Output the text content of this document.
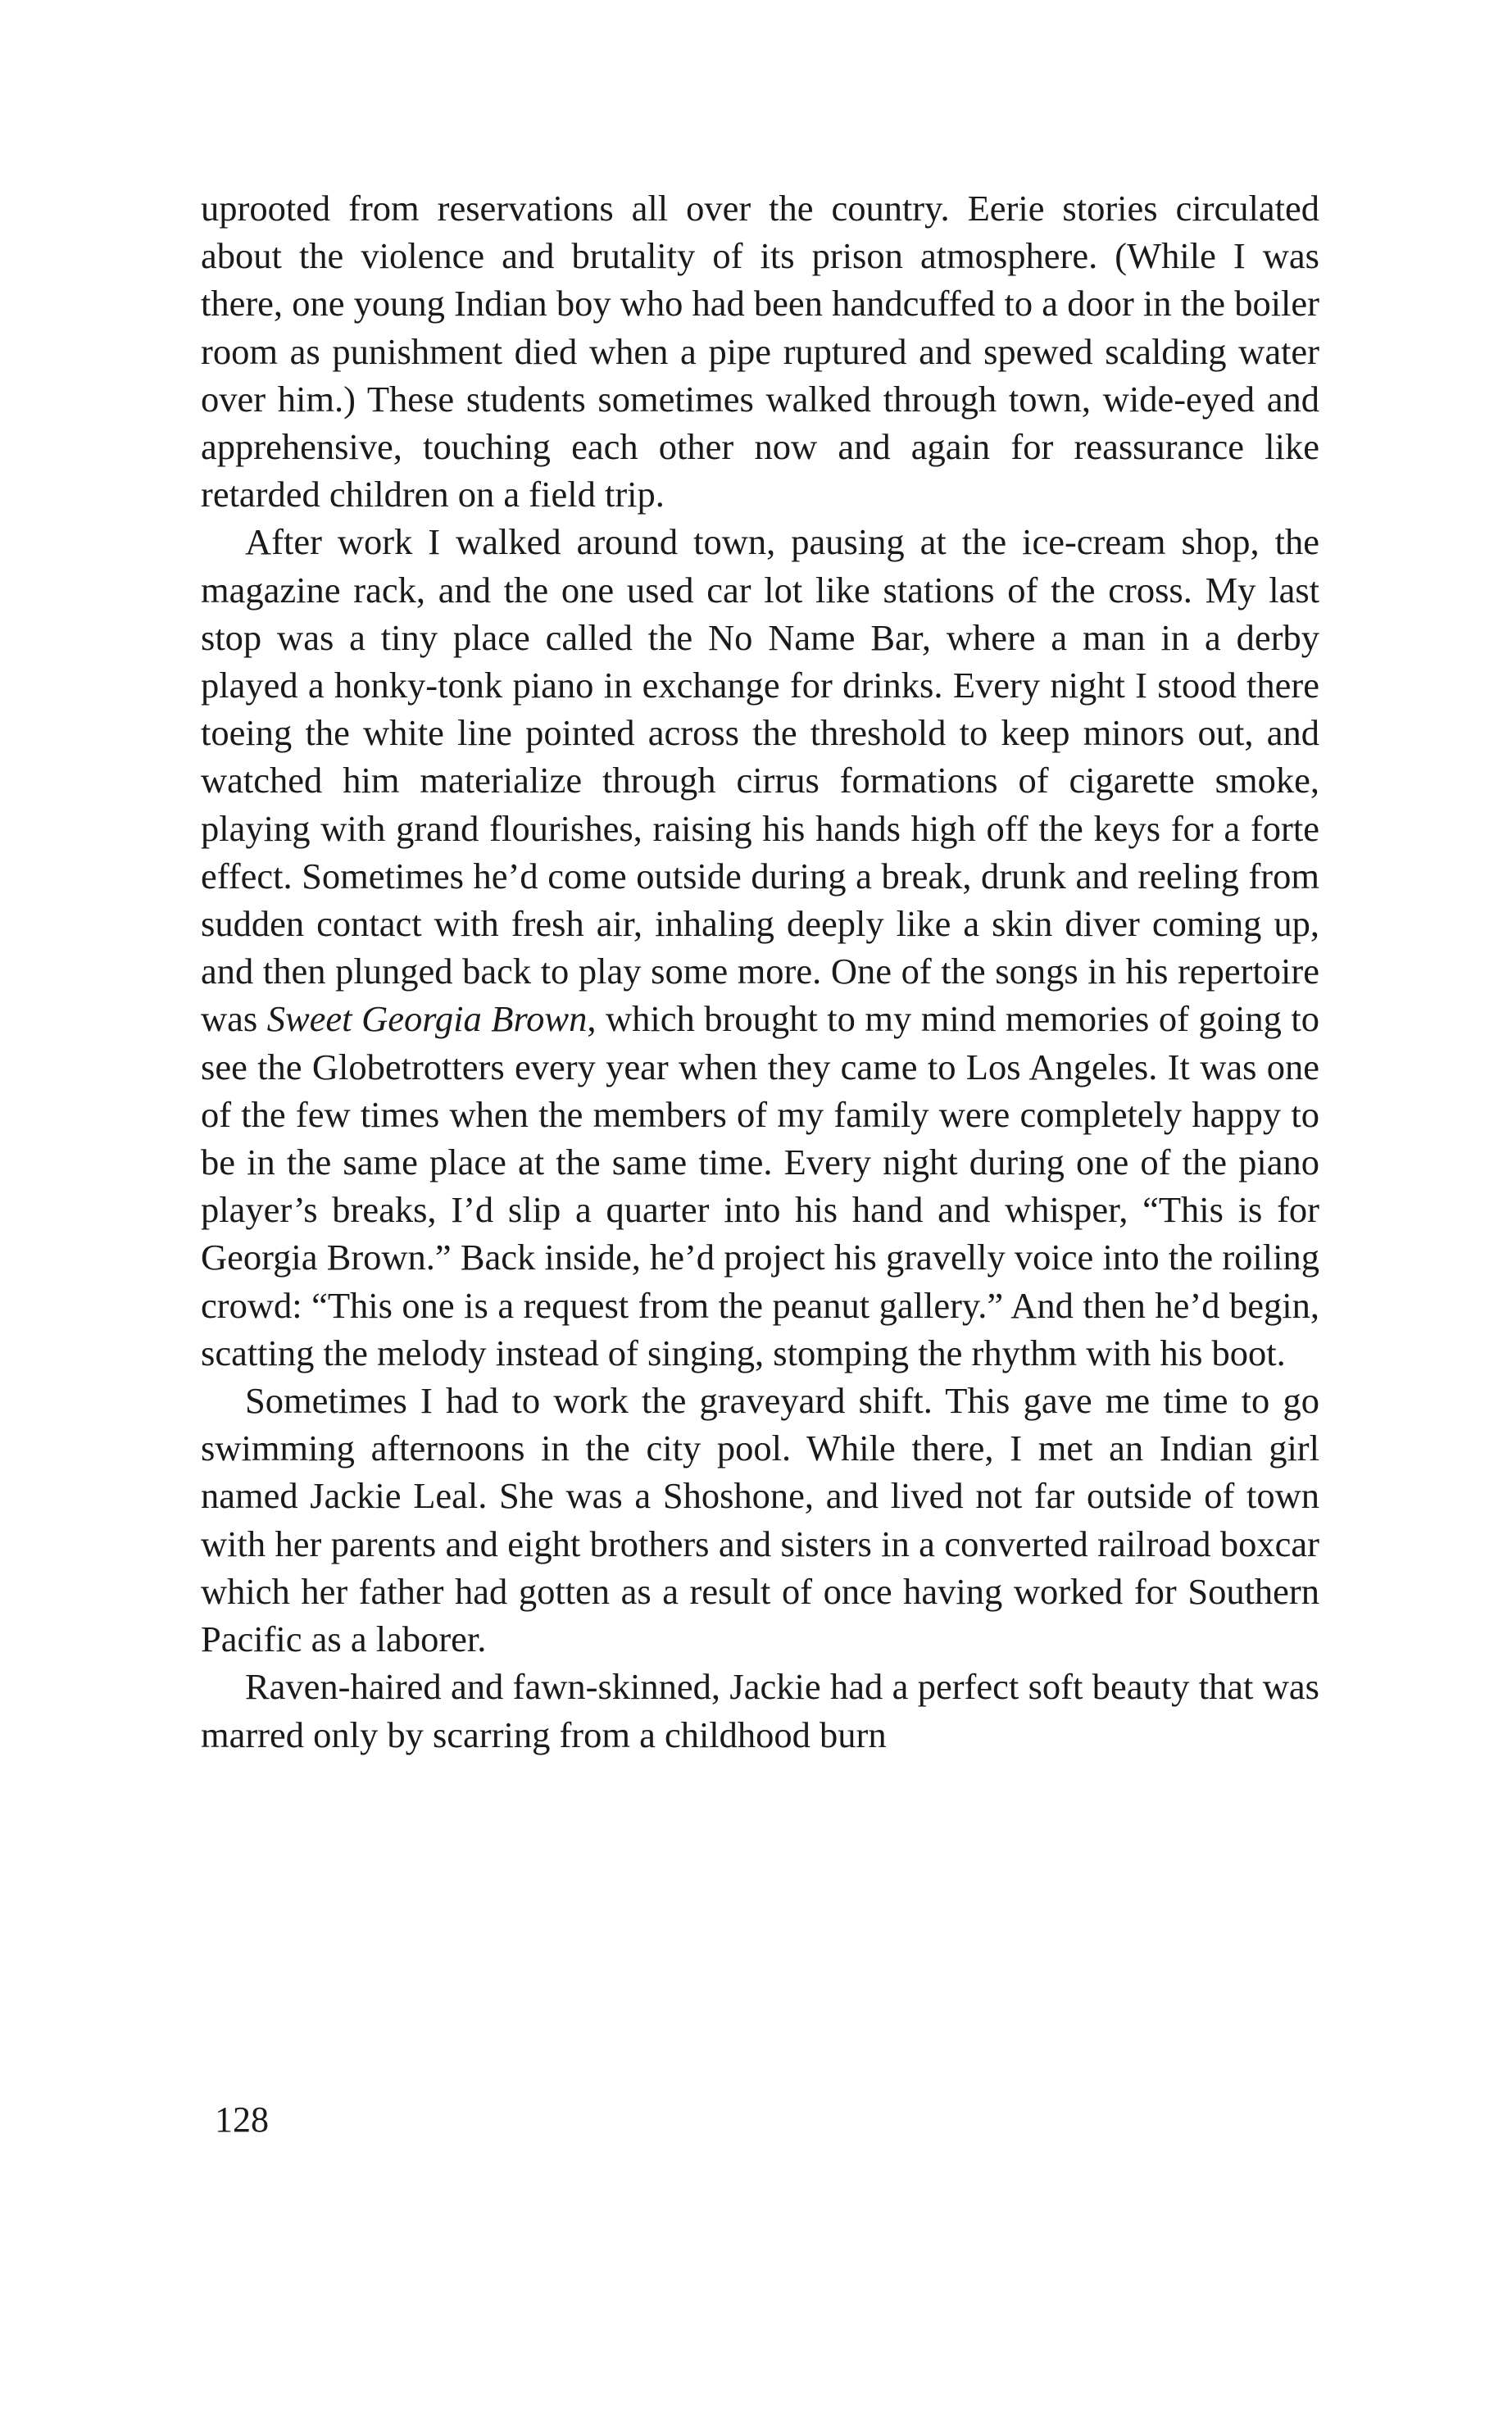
uprooted from reservations all over the country. Eerie stories circulated about the violence and brutality of its prison atmosphere. (While I was there, one young Indian boy who had been handcuffed to a door in the boiler room as punishment died when a pipe ruptured and spewed scalding water over him.) These students sometimes walked through town, wide-eyed and apprehensive, touching each other now and again for reassurance like retarded children on a field trip.

After work I walked around town, pausing at the ice-cream shop, the magazine rack, and the one used car lot like stations of the cross. My last stop was a tiny place called the No Name Bar, where a man in a derby played a honky-tonk piano in exchange for drinks. Every night I stood there toeing the white line pointed across the threshold to keep minors out, and watched him materialize through cirrus formations of cigarette smoke, playing with grand flourishes, raising his hands high off the keys for a forte effect. Sometimes he’d come outside during a break, drunk and reeling from sudden contact with fresh air, inhaling deeply like a skin diver coming up, and then plunged back to play some more. One of the songs in his repertoire was Sweet Georgia Brown, which brought to my mind memories of going to see the Globetrotters every year when they came to Los Angeles. It was one of the few times when the members of my family were completely happy to be in the same place at the same time. Every night during one of the piano player’s breaks, I’d slip a quarter into his hand and whisper, “This is for Georgia Brown.” Back inside, he’d project his gravelly voice into the roiling crowd: “This one is a request from the peanut gallery.” And then he’d begin, scatting the melody instead of singing, stomping the rhythm with his boot.

Sometimes I had to work the graveyard shift. This gave me time to go swimming afternoons in the city pool. While there, I met an Indian girl named Jackie Leal. She was a Shoshone, and lived not far outside of town with her parents and eight brothers and sisters in a converted railroad boxcar which her father had gotten as a result of once having worked for Southern Pacific as a laborer.

Raven-haired and fawn-skinned, Jackie had a perfect soft beauty that was marred only by scarring from a childhood burn

128
